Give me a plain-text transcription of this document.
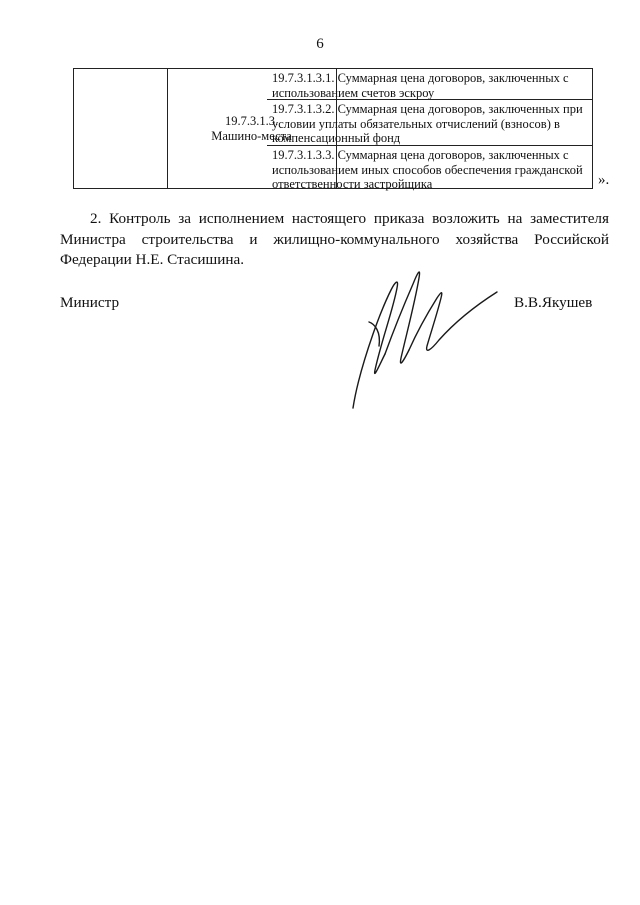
6
19.7.3.1.3.
Машино-места
19.7.3.1.3.1. Суммарная цена договоров, заключенных с использованием счетов эскроу
19.7.3.1.3.2. Суммарная цена договоров, заключенных при условии уплаты обязательных отчислений (взносов) в компенсационный фонд
19.7.3.1.3.3. Суммарная цена договоров, заключенных с использованием иных способов обеспечения гражданской ответственности застройщика	».

2. Контроль за исполнением настоящего приказа возложить на заместителя Министра строительства и жилищно-коммунального хозяйства Российской Федерации Н.Е. Стасишина.

Министр	В.В.Якушев
